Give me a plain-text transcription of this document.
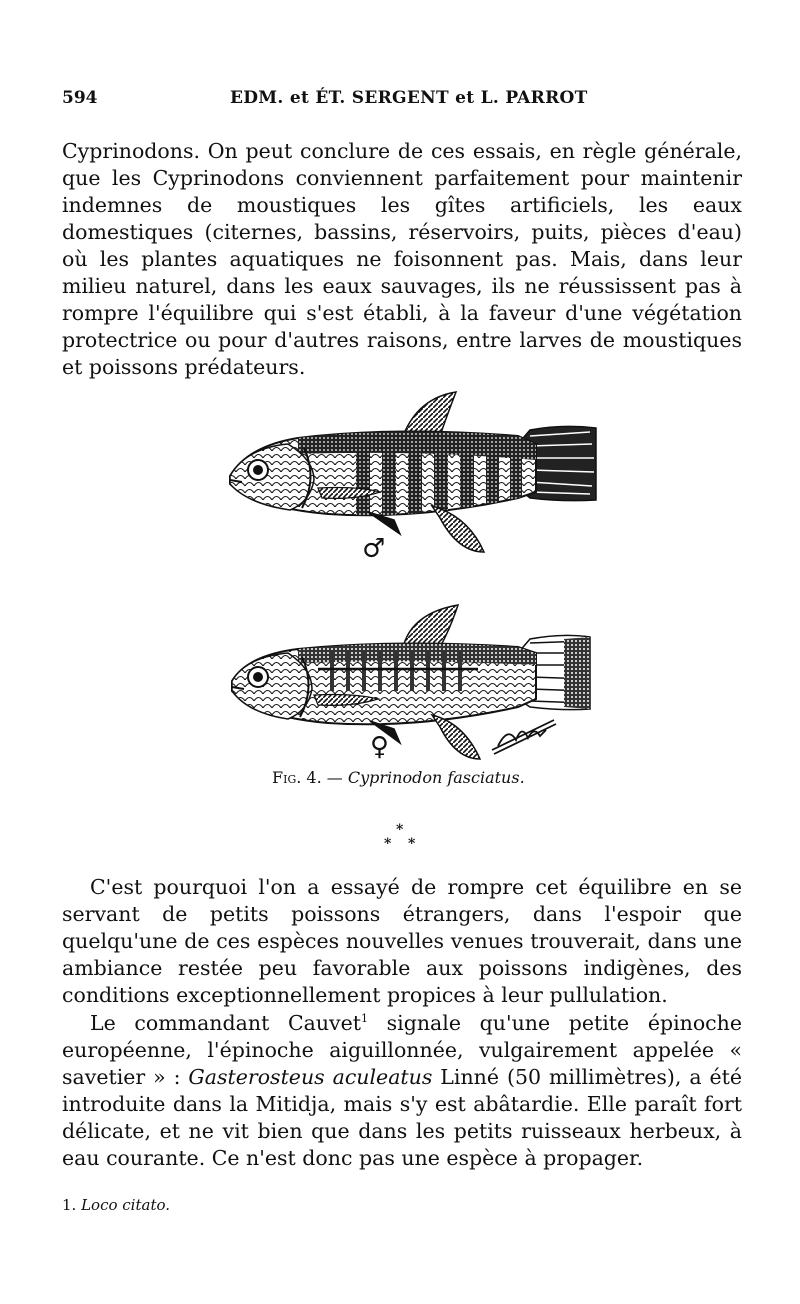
594	EDM. et ÉT. SERGENT et L. PARROT

Cyprinodons. On peut conclure de ces essais, en règle générale, que les Cyprinodons conviennent parfaitement pour maintenir indemnes de moustiques les gîtes artificiels, les eaux domestiques (citernes, bassins, réservoirs, puits, pièces d'eau) où les plantes aquatiques ne foisonnent pas. Mais, dans leur milieu naturel, dans les eaux sauvages, ils ne réussissent pas à rompre l'équilibre qui s'est établi, à la faveur d'une végétation protectrice ou pour d'autres raisons, entre larves de moustiques et poissons prédateurs.

♂
♀
Fig. 4. — Cyprinodon fasciatus.
*
* *

C'est pourquoi l'on a essayé de rompre cet équilibre en se servant de petits poissons étrangers, dans l'espoir que quelqu'une de ces espèces nouvelles venues trouverait, dans une ambiance restée peu favorable aux poissons indigènes, des conditions exceptionnellement propices à leur pullulation.

Le commandant Cauvet$^1$ signale qu'une petite épinoche européenne, l'épinoche aiguillonnée, vulgairement appelée « savetier » : Gasterosteus aculeatus Linné (50 millimètres), a été introduite dans la Mitidja, mais s'y est abâtardie. Elle paraît fort délicate, et ne vit bien que dans les petits ruisseaux herbeux, à eau courante. Ce n'est donc pas une espèce à propager.

1. Loco citato.
